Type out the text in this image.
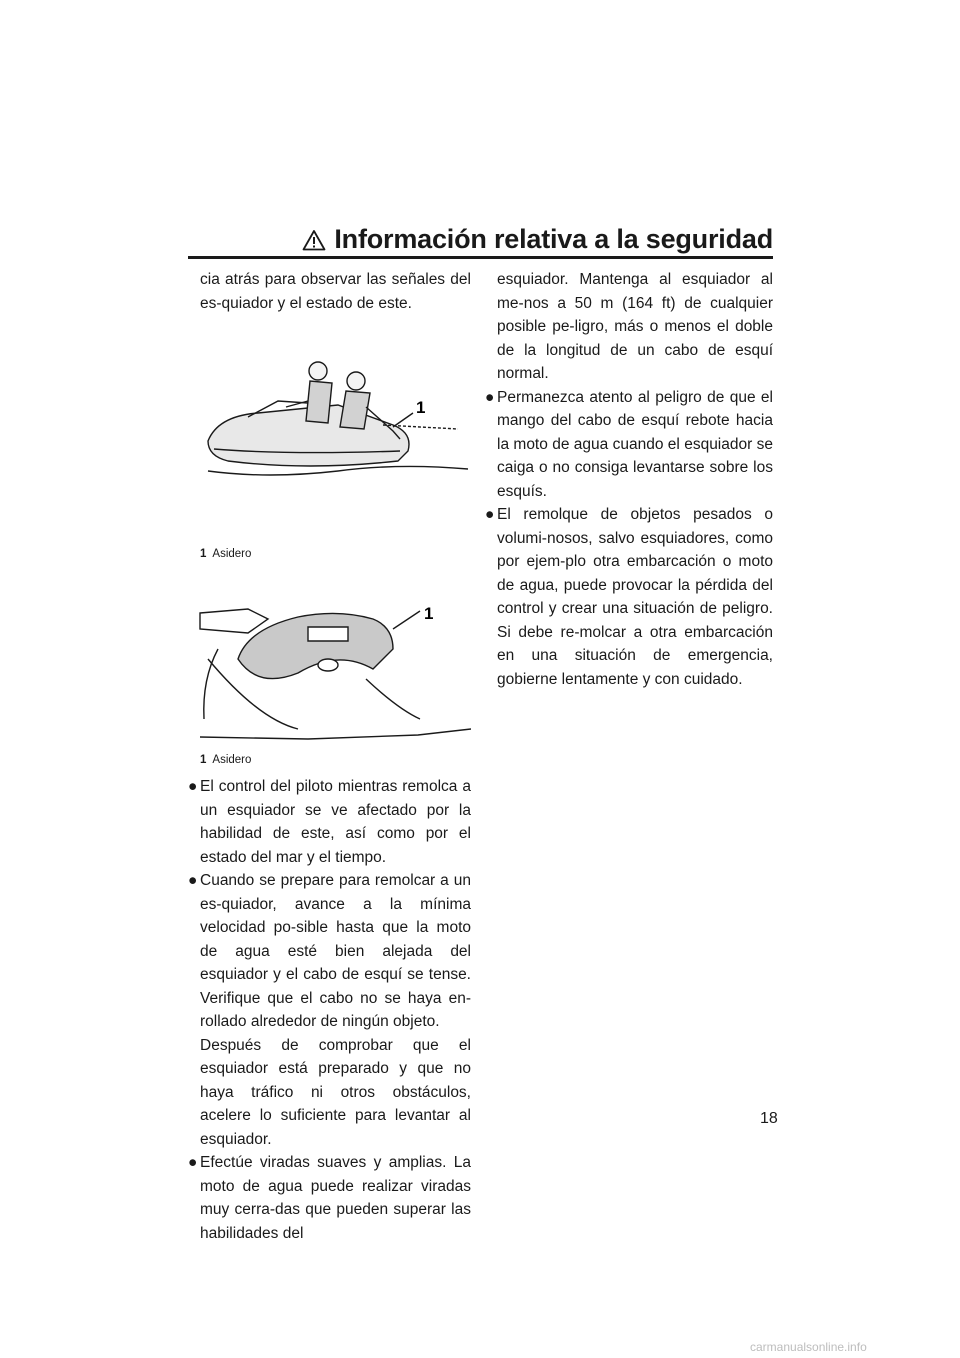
Información relativa a la seguridad

cia atrás para observar las señales del es-quiador y el estado de este.

1

1 Asidero

1

1 Asidero

● El control del piloto mientras remolca a un esquiador se ve afectado por la habilidad de este, así como por el estado del mar y el tiempo.

● Cuando se prepare para remolcar a un es-quiador, avance a la mínima velocidad po-sible hasta que la moto de agua esté bien alejada del esquiador y el cabo de esquí se tense. Verifique que el cabo no se haya en-rollado alrededor de ningún objeto.

Después de comprobar que el esquiador está preparado y que no haya tráfico ni otros obstáculos, acelere lo suficiente para levantar al esquiador.

● Efectúe viradas suaves y amplias. La moto de agua puede realizar viradas muy cerra-das que pueden superar las habilidades del

esquiador. Mantenga al esquiador al me-nos a 50 m (164 ft) de cualquier posible pe-ligro, más o menos el doble de la longitud de un cabo de esquí normal.

● Permanezca atento al peligro de que el mango del cabo de esquí rebote hacia la moto de agua cuando el esquiador se caiga o no consiga levantarse sobre los esquís.

● El remolque de objetos pesados o volumi-nosos, salvo esquiadores, como por ejem-plo otra embarcación o moto de agua, puede provocar la pérdida del control y crear una situación de peligro. Si debe re-molcar a otra embarcación en una situación de emergencia, gobierne lentamente y con cuidado.

18
carmanualsonline.info
